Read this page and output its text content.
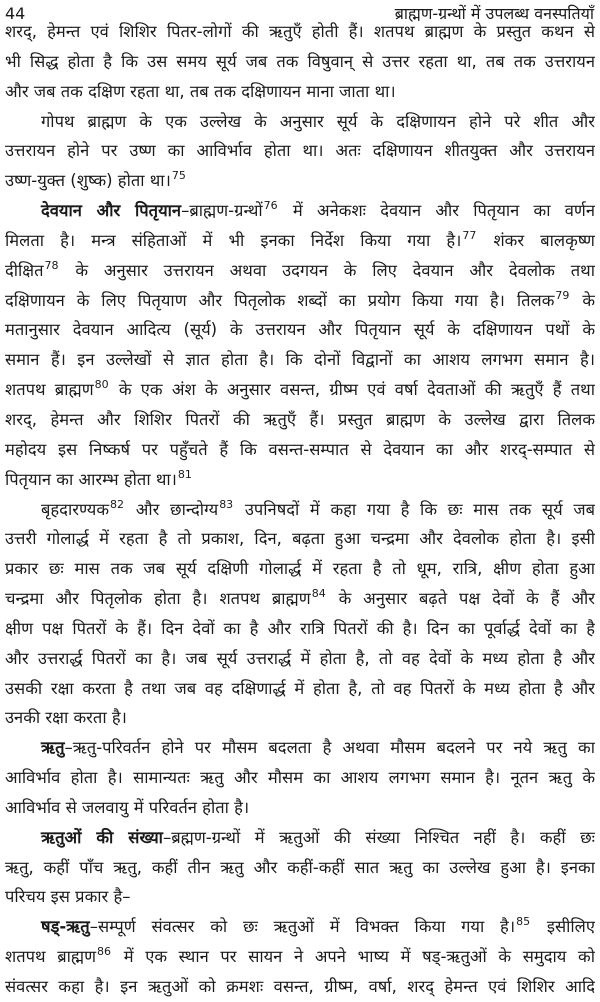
44	ब्राह्मण-ग्रन्थों में उपलब्ध वनस्पतियाँ
शरद्, हेमन्त एवं शिशिर पितर-लोगों की ऋतुएँ होती हैं। शतपथ ब्राह्मण के प्रस्तुत कथन से
भी सिद्ध होता है कि उस समय सूर्य जब तक विषुवान् से उत्तर रहता था, तब तक उत्तरायन
और जब तक दक्षिण रहता था, तब तक दक्षिणायन माना जाता था।
गोपथ ब्राह्मण के एक उल्लेख के अनुसार सूर्य के दक्षिणायन होने परे शीत और
उत्तरायन होने पर उष्ण का आविर्भाव होता था। अतः दक्षिणायन शीतयुक्त और उत्तरायन
उष्ण-युक्त (शुष्क) होता था।$^{75}$
देवयान और पितृयान–ब्राह्मण-ग्रन्थों$^{76}$ में अनेकशः देवयान और पितृयान का वर्णन
मिलता है। मन्त्र संहिताओं में भी इनका निर्देश किया गया है।$^{77}$ शंकर बालकृष्ण
दीक्षित$^{78}$ के अनुसार उत्तरायन अथवा उदगयन के लिए देवयान और देवलोक तथा
दक्षिणायन के लिए पितृयाण और पितृलोक शब्दों का प्रयोग किया गया है। तिलक$^{79}$ के
मतानुसार देवयान आदित्य (सूर्य) के उत्तरायन और पितृयान सूर्य के दक्षिणायन पथों के
समान हैं। इन उल्लेखों से ज्ञात होता है। कि दोनों विद्वानों का आशय लगभग समान है।
शतपथ ब्राह्मण$^{80}$ के एक अंश के अनुसार वसन्त, ग्रीष्म एवं वर्षा देवताओं की ऋतुएँ हैं तथा
शरद्, हेमन्त और शिशिर पितरों की ऋतुएँ हैं। प्रस्तुत ब्राह्मण के उल्लेख द्वारा तिलक
महोदय इस निष्कर्ष पर पहुँचते हैं कि वसन्त-सम्पात से देवयान का और शरद्-सम्पात से
पितृयान का आरम्भ होता था।$^{81}$
बृहदारण्यक$^{82}$ और छान्दोग्य$^{83}$ उपनिषदों में कहा गया है कि छः मास तक सूर्य जब
उत्तरी गोलार्द्ध में रहता है तो प्रकाश, दिन, बढ़ता हुआ चन्द्रमा और देवलोक होता है। इसी
प्रकार छः मास तक जब सूर्य दक्षिणी गोलार्द्ध में रहता है तो धूम, रात्रि, क्षीण होता हुआ
चन्द्रमा और पितृलोक होता है। शतपथ ब्राह्मण$^{84}$ के अनुसार बढ़ते पक्ष देवों के हैं और
क्षीण पक्ष पितरों के हैं। दिन देवों का है और रात्रि पितरों की है। दिन का पूर्वार्द्ध देवों का है
और उत्तरार्द्ध पितरों का है। जब सूर्य उत्तरार्द्ध में होता है, तो वह देवों के मध्य होता है और
उसकी रक्षा करता है तथा जब वह दक्षिणार्द्ध में होता है, तो वह पितरों के मध्य होता है और
उनकी रक्षा करता है।
ऋतु–ऋतु-परिवर्तन होने पर मौसम बदलता है अथवा मौसम बदलने पर नये ऋतु का
आविर्भाव होता है। सामान्यतः ऋतु और मौसम का आशय लगभग समान है। नूतन ऋतु के
आविर्भाव से जलवायु में परिवर्तन होता है।
ऋतुओं की संख्या–ब्रह्मण-ग्रन्थों में ऋतुओं की संख्या निश्चित नहीं है। कहीं छः
ऋतु, कहीं पाँच ऋतु, कहीं तीन ऋतु और कहीं-कहीं सात ऋतु का उल्लेख हुआ है। इनका
परिचय इस प्रकार है–
षड्-ऋतु–सम्पूर्ण संवत्सर को छः ऋतुओं में विभक्त किया गया है।$^{85}$ इसीलिए
शतपथ ब्राह्मण$^{86}$ में एक स्थान पर सायन ने अपने भाष्य में षड्-ऋतुओं के समुदाय को
संवत्सर कहा है। इन ऋतुओं को क्रमशः वसन्त, ग्रीष्म, वर्षा, शरद् हेमन्त एवं शिशिर आदि
